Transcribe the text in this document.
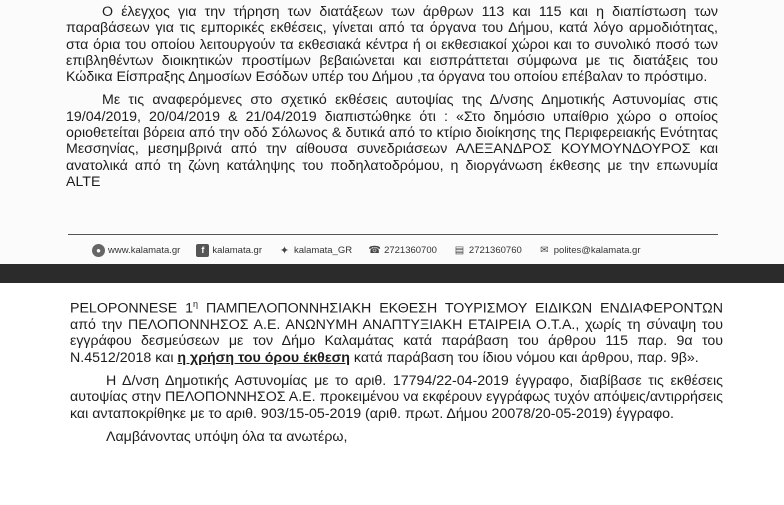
Ο έλεγχος για την τήρηση των διατάξεων των άρθρων 113 και 115 και η διαπίστωση των παραβάσεων για τις εμπορικές εκθέσεις, γίνεται από τα όργανα του Δήμου, κατά λόγο αρμοδιότητας, στα όρια του οποίου λειτουργούν τα εκθεσιακά κέντρα ή οι εκθεσιακοί χώροι και το συνολικό ποσό των επιβληθέντων διοικητικών προστίμων βεβαιώνεται και εισπράττεται σύμφωνα με τις διατάξεις του Κώδικα Είσπραξης Δημοσίων Εσόδων υπέρ του Δήμου ,τα όργανα του οποίου επέβαλαν το πρόστιμο.

Με τις αναφερόμενες στο σχετικό εκθέσεις αυτοψίας της Δ/νσης Δημοτικής Αστυνομίας στις 19/04/2019, 20/04/2019 & 21/04/2019 διαπιστώθηκε ότι : «Στο δημόσιο υπαίθριο χώρο ο οποίος οριοθετείται βόρεια από την οδό Σόλωνος & δυτικά από το κτίριο διοίκησης της Περιφερειακής Ενότητας Μεσσηνίας, μεσημβρινά από την αίθουσα συνεδριάσεων ΑΛΕΞΑΝΔΡΟΣ ΚΟΥΜΟΥΝΔΟΥΡΟΣ και ανατολικά από τη ζώνη κατάληψης του ποδηλατοδρόμου, η διοργάνωση έκθεσης με την επωνυμία ALTE

● www.kalamata.gr	f kalamata.gr ✦ kalamata_GR ☎ 2721360700 ▤ 2721360760 ✉ polites@kalamata.gr

PELOPONNESE $1^\eta$ ΠΑΜΠΕΛΟΠΟΝΝΗΣΙΑΚΗ ΕΚΘΕΣΗ ΤΟΥΡΙΣΜΟΥ ΕΙΔΙΚΩΝ ΕΝΔΙΑΦΕΡΟΝΤΩΝ από την ΠΕΛΟΠΟΝΝΗΣΟΣ Α.Ε. ΑΝΩΝΥΜΗ ΑΝΑΠΤΥΞΙΑΚΗ ΕΤΑΙΡΕΙΑ Ο.Τ.Α., χωρίς τη σύναψη του εγγράφου δεσμεύσεων με τον Δήμο Καλαμάτας κατά παράβαση του άρθρου 115 παρ. 9α του Ν.4512/2018 και η χρήση του όρου έκθεση κατά παράβαση του ίδιου νόμου και άρθρου, παρ. 9β».

Η Δ/νση Δημοτικής Αστυνομίας με το αριθ. 17794/22-04-2019 έγγραφο, διαβίβασε τις εκθέσεις αυτοψίας στην ΠΕΛΟΠΟΝΝΗΣΟΣ Α.Ε. προκειμένου να εκφέρουν εγγράφως τυχόν απόψεις/αντιρρήσεις και ανταποκρίθηκε με το αριθ. 903/15-05-2019 (αριθ. πρωτ. Δήμου 20078/20-05-2019) έγγραφο.

Λαμβάνοντας υπόψη όλα τα ανωτέρω,
